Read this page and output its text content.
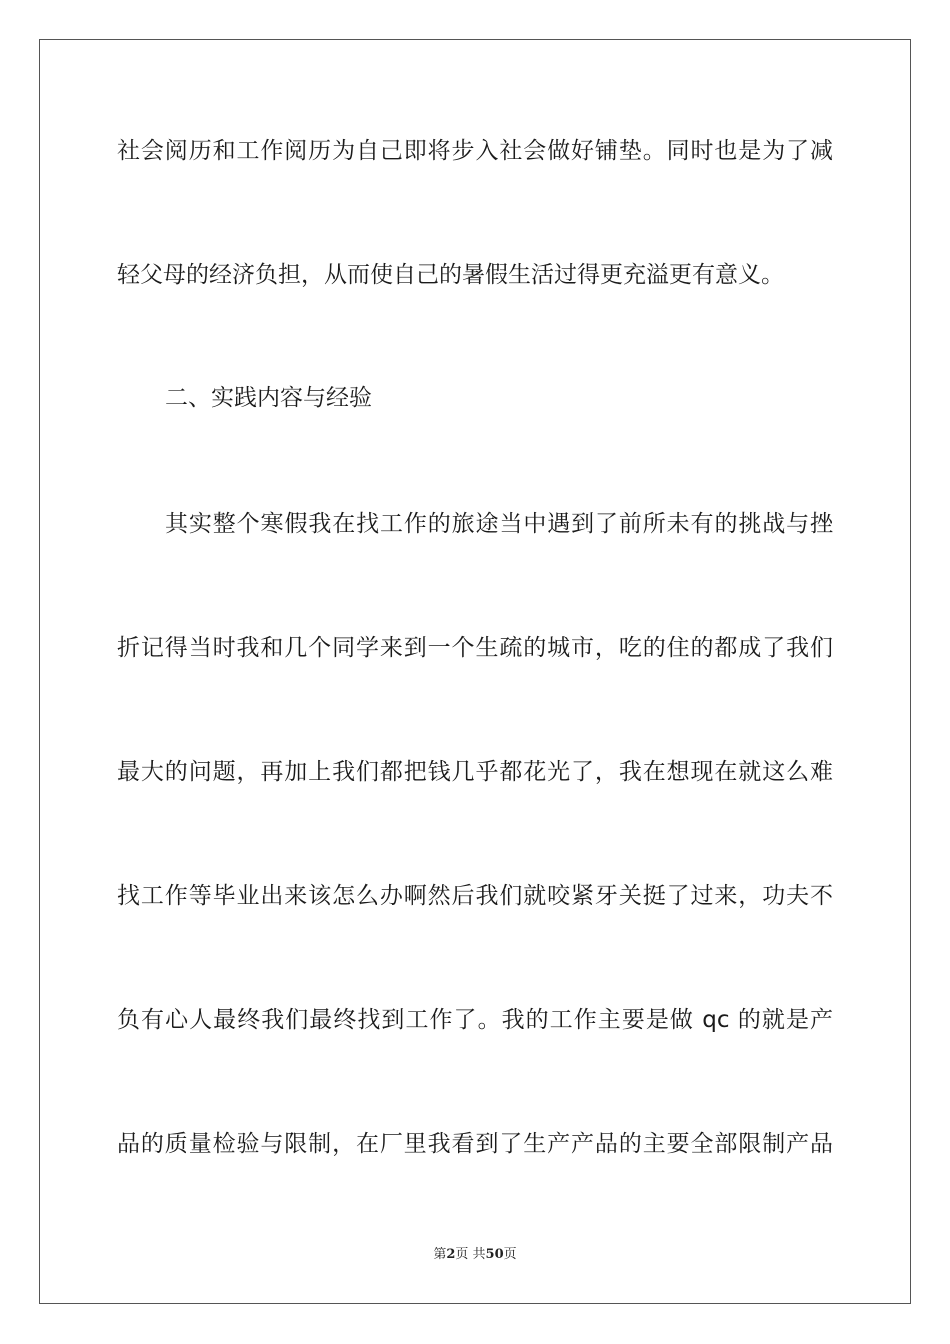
社会阅历和工作阅历为自己即将步入社会做好铺垫。同时也是为了减
轻父母的经济负担，从而使自己的暑假生活过得更充溢更有意义。
二、实践内容与经验
其实整个寒假我在找工作的旅途当中遇到了前所未有的挑战与挫
折记得当时我和几个同学来到一个生疏的城市，吃的住的都成了我们
最大的问题，再加上我们都把钱几乎都花光了，我在想现在就这么难
找工作等毕业出来该怎么办啊然后我们就咬紧牙关挺了过来，功夫不
负有心人最终我们最终找到工作了。我的工作主要是做 qc 的就是产
品的质量检验与限制，在厂里我看到了生产产品的主要全部限制产品
第2页 共50页
